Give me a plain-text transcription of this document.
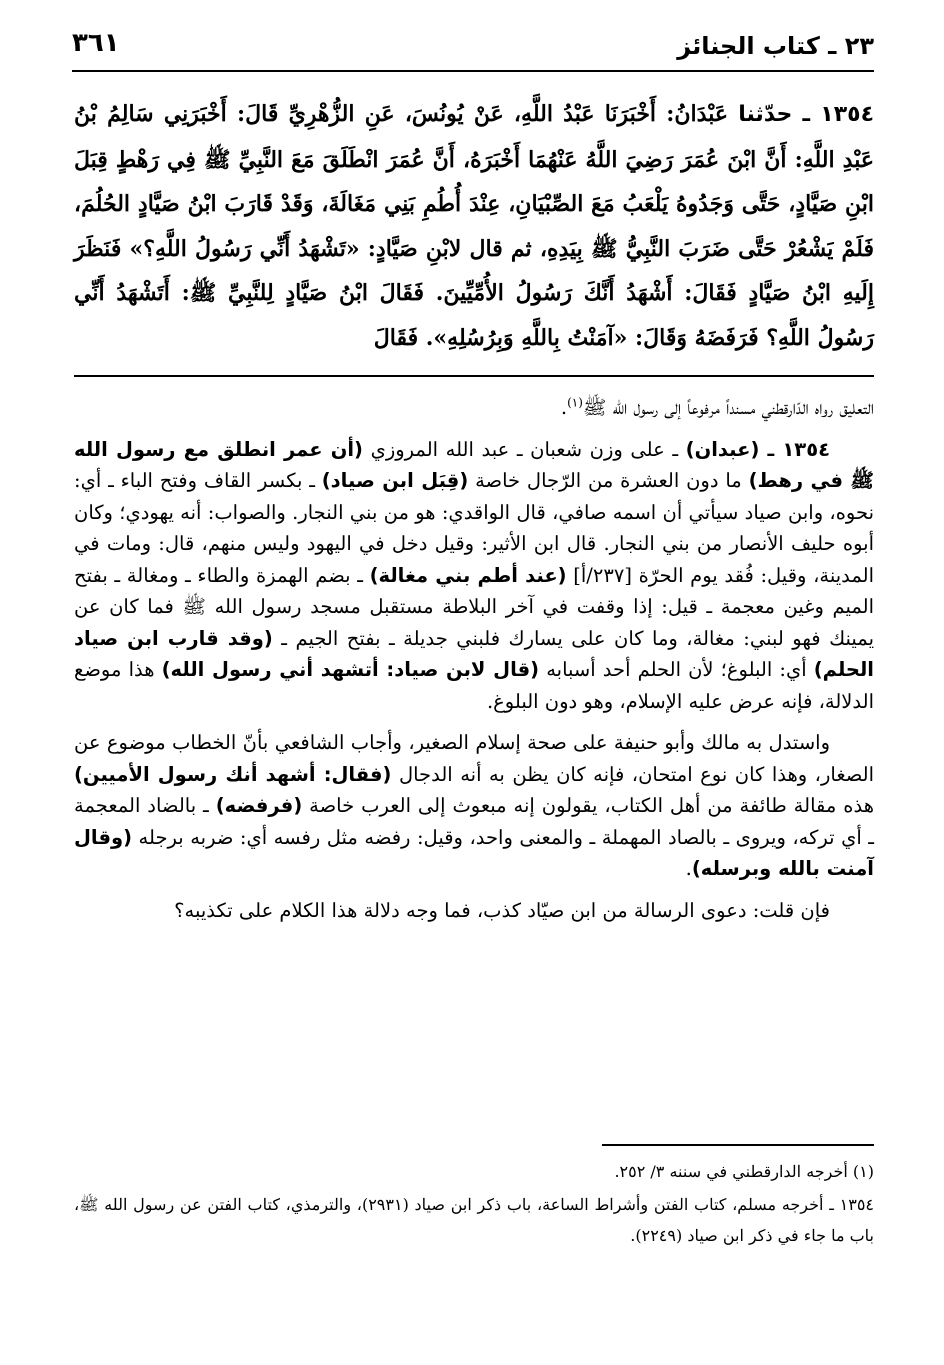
٢٣ ـ كتاب الجنائز
٣٦١
١٣٥٤ ـ حدّثنا عَبْدَانُ: أَخْبَرَنَا عَبْدُ اللَّهِ، عَنْ يُونُسَ، عَنِ الزُّهْرِيِّ قَالَ: أَخْبَرَنِي سَالِمُ بْنُ عَبْدِ اللَّهِ: أَنَّ ابْنَ عُمَرَ رَضِيَ اللَّهُ عَنْهُمَا أَخْبَرَهُ، أَنَّ عُمَرَ انْطَلَقَ مَعَ النَّبِيِّ ﷺ فِي رَهْطٍ قِبَلَ ابْنِ صَيَّادٍ، حَتَّى وَجَدُوهُ يَلْعَبُ مَعَ الصِّبْيَانِ، عِنْدَ أُطُمِ بَنِي مَغَالَةَ، وَقَدْ قَارَبَ ابْنُ صَيَّادٍ الحُلُمَ، فَلَمْ يَشْعُرْ حَتَّى ضَرَبَ النَّبِيُّ ﷺ بِيَدِهِ، ثم قال لابْنِ صَيَّادٍ: «تَشْهَدُ أَنِّي رَسُولُ اللَّهِ؟» فَنَظَرَ إِلَيهِ ابْنُ صَيَّادٍ فَقَالَ: أَشْهَدُ أَنَّكَ رَسُولُ الأُمِّيِّينَ. فَقَالَ ابْنُ صَيَّادٍ لِلنَّبِيِّ ﷺ: أَتَشْهَدُ أَنِّي رَسُولُ اللَّهِ؟ فَرَفَضَهُ وَقَالَ: «آمَنْتُ بِاللَّهِ وَبِرُسُلِهِ». فَقَالَ

التعليق رواه الدّارقطني مسنداً مرفوعاً إلى رسول الله ﷺ$^{(١)}$.

١٣٥٤ ـ (عبدان) ـ على وزن شعبان ـ عبد الله المروزي (أن عمر انطلق مع رسول الله ﷺ في رهط) ما دون العشرة من الرّجال خاصة (قِبَل ابن صياد) ـ بكسر القاف وفتح الباء ـ أي: نحوه، وابن صياد سيأتي أن اسمه صافي، قال الواقدي: هو من بني النجار. والصواب: أنه يهودي؛ وكان أبوه حليف الأنصار من بني النجار. قال ابن الأثير: وقيل دخل في اليهود وليس منهم، قال: ومات في المدينة، وقيل: فُقد يوم الحرّة [٢٣٧/أ] (عند أطم بني مغالة) ـ بضم الهمزة والطاء ـ ومغالة ـ بفتح الميم وغين معجمة ـ قيل: إذا وقفت في آخر البلاطة مستقبل مسجد رسول الله ﷺ فما كان عن يمينك فهو لبني: مغالة، وما كان على يسارك فلبني جديلة ـ بفتح الجيم ـ (وقد قارب ابن صياد الحلم) أي: البلوغ؛ لأن الحلم أحد أسبابه (قال لابن صياد: أتشهد أني رسول الله) هذا موضع الدلالة، فإنه عرض عليه الإسلام، وهو دون البلوغ.

واستدل به مالك وأبو حنيفة على صحة إسلام الصغير، وأجاب الشافعي بأنّ الخطاب موضوع عن الصغار، وهذا كان نوع امتحان، فإنه كان يظن به أنه الدجال (فقال: أشهد أنك رسول الأميين) هذه مقالة طائفة من أهل الكتاب، يقولون إنه مبعوث إلى العرب خاصة (فرفضه) ـ بالضاد المعجمة ـ أي تركه، ويروى ـ بالصاد المهملة ـ والمعنى واحد، وقيل: رفضه مثل رفسه أي: ضربه برجله (وقال آمنت بالله وبرسله).

فإن قلت: دعوى الرسالة من ابن صيّاد كذب، فما وجه دلالة هذا الكلام على تكذيبه؟

(١) أخرجه الدارقطني في سننه ٣/ ٢٥٢.

١٣٥٤ ـ أخرجه مسلم، كتاب الفتن وأشراط الساعة، باب ذكر ابن صياد (٢٩٣١)، والترمذي، كتاب الفتن عن رسول الله ﷺ، باب ما جاء في ذكر ابن صياد (٢٢٤٩).
